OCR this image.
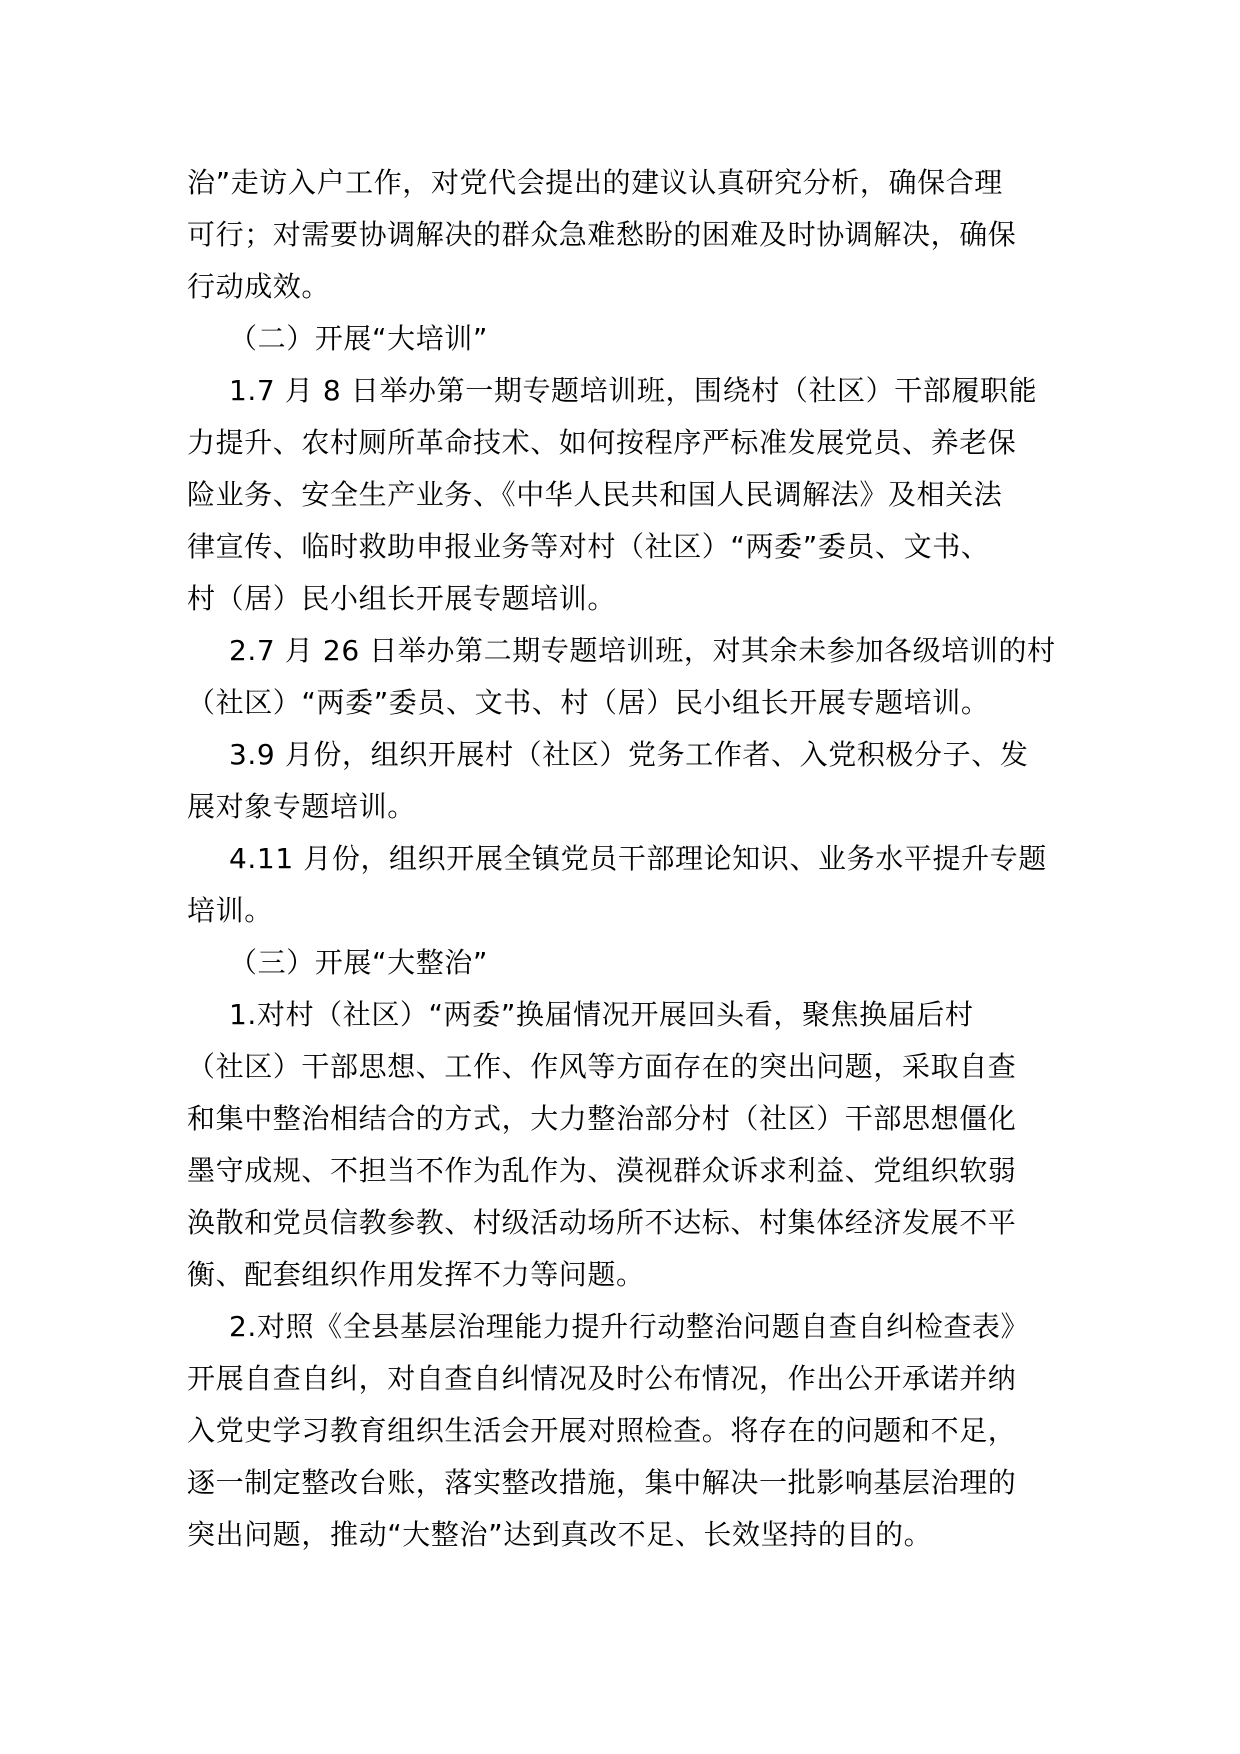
治”走访入户工作，对党代会提出的建议认真研究分析，确保合理
可行；对需要协调解决的群众急难愁盼的困难及时协调解决，确保
行动成效。
（二）开展“大培训”
1.7 月 8 日举办第一期专题培训班，围绕村（社区）干部履职能
力提升、农村厕所革命技术、如何按程序严标准发展党员、养老保
险业务、安全生产业务、《中华人民共和国人民调解法》及相关法
律宣传、临时救助申报业务等对村（社区）“两委”委员、文书、
村（居）民小组长开展专题培训。
2.7 月 26 日举办第二期专题培训班，对其余未参加各级培训的村
（社区）“两委”委员、文书、村（居）民小组长开展专题培训。
3.9 月份，组织开展村（社区）党务工作者、入党积极分子、发
展对象专题培训。
4.11 月份，组织开展全镇党员干部理论知识、业务水平提升专题
培训。
（三）开展“大整治”
1.对村（社区）“两委”换届情况开展回头看，聚焦换届后村
（社区）干部思想、工作、作风等方面存在的突出问题，采取自查
和集中整治相结合的方式，大力整治部分村（社区）干部思想僵化
墨守成规、不担当不作为乱作为、漠视群众诉求利益、党组织软弱
涣散和党员信教参教、村级活动场所不达标、村集体经济发展不平
衡、配套组织作用发挥不力等问题。
2.对照《全县基层治理能力提升行动整治问题自查自纠检查表》
开展自查自纠，对自查自纠情况及时公布情况，作出公开承诺并纳
入党史学习教育组织生活会开展对照检查。将存在的问题和不足，
逐一制定整改台账，落实整改措施，集中解决一批影响基层治理的
突出问题，推动“大整治”达到真改不足、长效坚持的目的。
